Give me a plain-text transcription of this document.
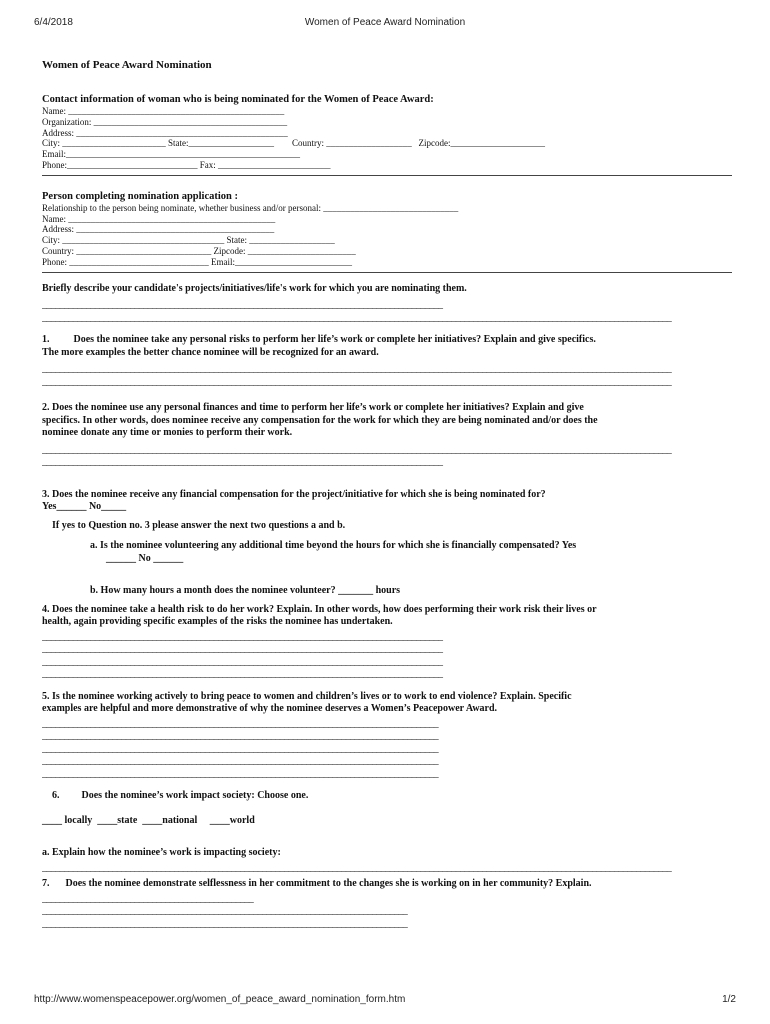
6/4/2018	Women of Peace Award Nomination

Women of Peace Award Nomination

Contact information of woman who is being nominated for the Women of Peace Award:

Name: ________________________________________________

Organization: ___________________________________________

Address: _______________________________________________

City: _______________________ State:___________________        Country: ___________________   Zipcode:_____________________

Email:____________________________________________________

Phone:_____________________________ Fax: _________________________

Person completing nomination application :

Relationship to the person being nominate, whether business and/or personal: ______________________________

Name: ______________________________________________

Address: ____________________________________________

City: ____________________________________ State: ___________________

Country: ______________________________ Zipcode: ________________________

Phone: _______________________________ Email:__________________________

Briefly describe your candidate's projects/initiatives/life's work for which you are nominating them.

___________________________________________________________________________________________

_______________________________________________________________________________________________________________________________________________

1. Does the nominee take any personal risks to perform her life’s work or complete her initiatives? Explain and give specifics.

The more examples the better chance nominee will be recognized for an award.

_______________________________________________________________________________________________________________________________________________

_______________________________________________________________________________________________________________________________________________

2. Does the nominee use any personal finances and time to perform her life’s work or complete her initiatives? Explain and give

specifics. In other words, does nominee receive any compensation for the work for which they are being nominated and/or does the

nominee donate any time or monies to perform their work.

_______________________________________________________________________________________________________________________________________________

___________________________________________________________________________________________

3. Does the nominee receive any financial compensation for the project/initiative for which she is being nominated for?

Yes______ No_____

If yes to Question no. 3 please answer the next two questions a and b.

a. Is the nominee volunteering any additional time beyond the hours for which she is financially compensated? Yes

______ No ______

b. How many hours a month does the nominee volunteer? _______ hours

4. Does the nominee take a health risk to do her work? Explain. In other words, how does performing their work risk their lives or

health, again providing specific examples of the risks the nominee has undertaken.

___________________________________________________________________________________________

___________________________________________________________________________________________

___________________________________________________________________________________________

___________________________________________________________________________________________

5. Is the nominee working actively to bring peace to women and children’s lives or to work to end violence? Explain. Specific

examples are helpful and more demonstrative of why the nominee deserves a Women’s Peacepower Award.

__________________________________________________________________________________________

__________________________________________________________________________________________

__________________________________________________________________________________________

__________________________________________________________________________________________

__________________________________________________________________________________________

6. Does the nominee’s work impact society: Choose one.

____ locally  ____state  ____national     ____world

a. Explain how the nominee’s work is impacting society:

_______________________________________________________________________________________________________________________________________________

7. Does the nominee demonstrate selflessness in her commitment to the changes she is working on in her community? Explain.

________________________________________________

___________________________________________________________________________________

___________________________________________________________________________________

http://www.womenspeacepower.org/women_of_peace_award_nomination_form.htm	1/2
